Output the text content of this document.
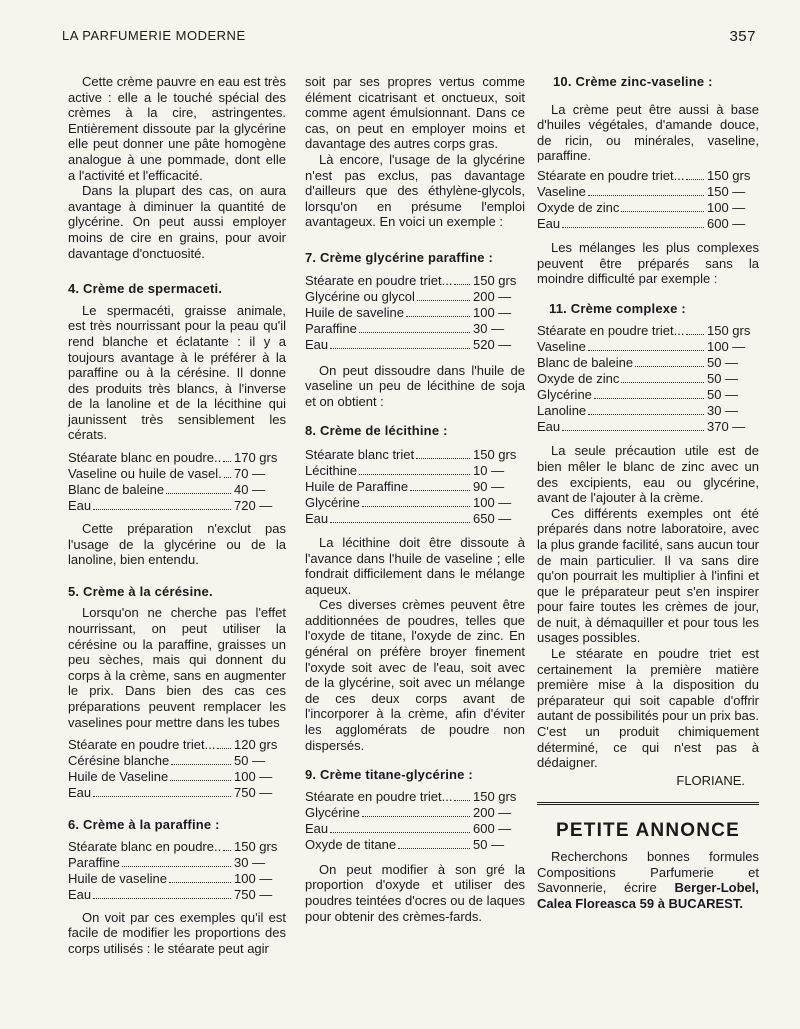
LA PARFUMERIE MODERNE	357

Cette crème pauvre en eau est très active : elle a le touché spécial des crèmes à la cire, astringentes. Entièrement dissoute par la glycérine elle peut donner une pâte homogène analogue à une pommade, dont elle a l'activité et l'efficacité.

Dans la plupart des cas, on aura avantage à diminuer la quantité de glycérine. On peut aussi employer moins de cire en grains, pour avoir davantage d'onctuosité.

4. Crème de spermaceti.

Le spermacéti, graisse animale, est très nourrissant pour la peau qu'il rend blanche et éclatante : il y a toujours avantage à le préférer à la paraffine ou à la cérésine. Il donne des produits très blancs, à l'inverse de la lanoline et de la lécithine qui jaunissent très sensiblement les cérats.

Stéarate blanc en poudre.. 170 grs
Vaseline ou huile de vasel. 70 —
Blanc de baleine	40 —
Eau	720 —

Cette préparation n'exclut pas l'usage de la glycérine ou de la lanoline, bien entendu.

5. Crème à la cérésine.

Lorsqu'on ne cherche pas l'effet nourrissant, on peut utiliser la cérésine ou la paraffine, graisses un peu sèches, mais qui donnent du corps à la crème, sans en augmenter le prix. Dans bien des cas ces préparations peuvent remplacer les vaselines pour mettre dans les tubes

Stéarate en poudre triet... 120 grs
Cérésine blanche	50 —
Huile de Vaseline	100 —
Eau	750 —
6. Crème à la paraffine :
Stéarate blanc en poudre.. 150 grs
Paraffine	30 —
Huile de vaseline	100 —
Eau	750 —

On voit par ces exemples qu'il est facile de modifier les proportions des corps utilisés : le stéarate peut agir

soit par ses propres vertus comme élément cicatrisant et onctueux, soit comme agent émulsionnant. Dans ce cas, on peut en employer moins et davantage des autres corps gras.

Là encore, l'usage de la glycérine n'est pas exclus, pas davantage d'ailleurs que des éthylène-glycols, lorsqu'on en présume l'emploi avantageux. En voici un exemple :

7. Crème glycérine paraffine :
Stéarate en poudre triet... 150 grs
Glycérine ou glycol	200 —
Huile de saveline	100 —
Paraffine	30 —
Eau	520 —

On peut dissoudre dans l'huile de vaseline un peu de lécithine de soja et on obtient :

8. Crème de lécithine :
Stéarate blanc triet	150 grs
Lécithine	10 —
Huile de Paraffine	90 —
Glycérine	100 —
Eau	650 —

La lécithine doit être dissoute à l'avance dans l'huile de vaseline ; elle fondrait difficilement dans le mélange aqueux.

Ces diverses crèmes peuvent être additionnées de poudres, telles que l'oxyde de titane, l'oxyde de zinc. En général on préfère broyer finement l'oxyde soit avec de l'eau, soit avec de la glycérine, soit avec un mélange de ces deux corps avant de l'incorporer à la crème, afin d'éviter les agglomérats de poudre non dispersés.

9. Crème titane-glycérine :
Stéarate en poudre triet... 150 grs
Glycérine	200 —
Eau	600 —
Oxyde de titane	50 —

On peut modifier à son gré la proportion d'oxyde et utiliser des poudres teintées d'ocres ou de laques pour obtenir des crèmes-fards.

10. Crème zinc-vaseline :

La crème peut être aussi à base d'huiles végétales, d'amande douce, de ricin, ou minérales, vaseline, paraffine.

Stéarate en poudre triet... 150 grs
Vaseline	150 —
Oxyde de zinc	100 —
Eau	600 —

Les mélanges les plus complexes peuvent être préparés sans la moindre difficulté par exemple :

11. Crème complexe :
Stéarate en poudre triet... 150 grs
Vaseline	100 —
Blanc de baleine	50 —
Oxyde de zinc	50 —
Glycérine	50 —
Lanoline	30 —
Eau	370 —

La seule précaution utile est de bien mêler le blanc de zinc avec un des excipients, eau ou glycérine, avant de l'ajouter à la crème.

Ces différents exemples ont été préparés dans notre laboratoire, avec la plus grande facilité, sans aucun tour de main particulier. Il va sans dire qu'on pourrait les multiplier à l'infini et que le préparateur peut s'en inspirer pour faire toutes les crèmes de jour, de nuit, à démaquiller et pour tous les usages possibles.

Le stéarate en poudre triet est certainement la première matière première mise à la disposition du préparateur qui soit capable d'offrir autant de possibilités pour un prix bas. C'est un produit chimiquement déterminé, ce qui n'est pas à dédaigner.

FLORIANE.
PETITE ANNONCE
Recherchons bonnes formules Compositions Parfumerie et Savonnerie, écrire Berger-Lobel, Calea Floreasca 59 à BUCAREST.
